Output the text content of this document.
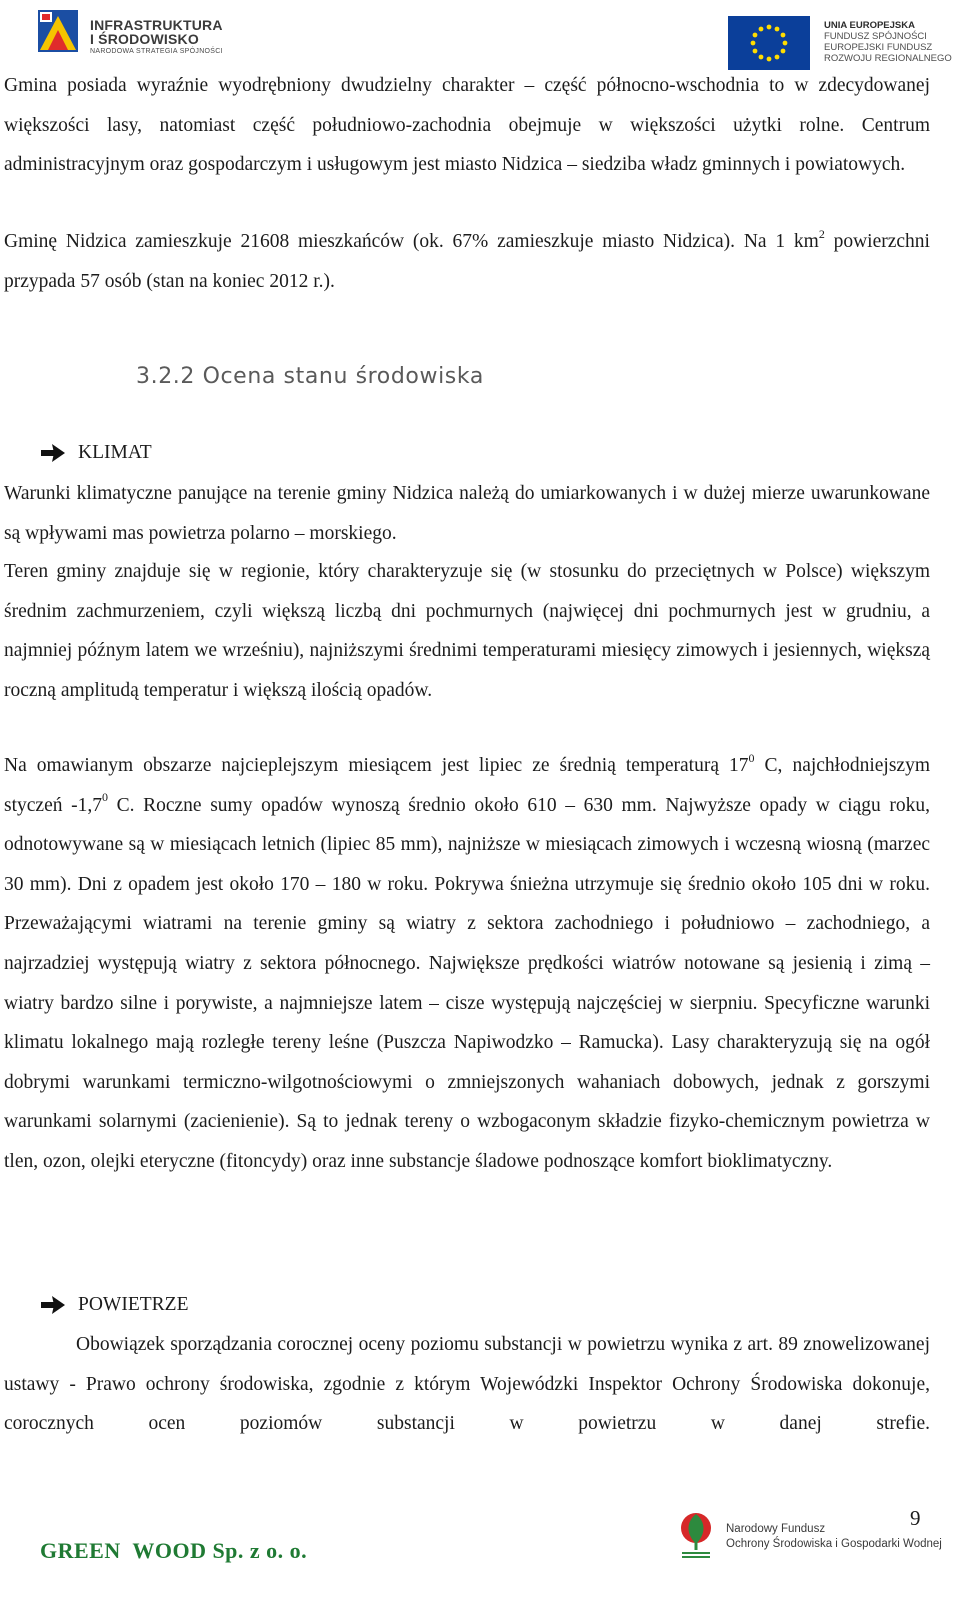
INFRASTRUKTURA
I ŚRODOWISKO
NARODOWA STRATEGIA SPÓJNOŚCI
UNIA EUROPEJSKA
FUNDUSZ SPÓJNOŚCI
EUROPEJSKI FUNDUSZ
ROZWOJU REGIONALNEGO

Gmina posiada wyraźnie wyodrębniony dwudzielny charakter – część północno-wschodnia to w zdecydowanej większości lasy, natomiast część południowo-zachodnia obejmuje w większości użytki rolne. Centrum administracyjnym oraz gospodarczym i usługowym jest miasto Nidzica – siedziba władz gminnych i powiatowych.

Gminę Nidzica zamieszkuje 21608 mieszkańców (ok. 67% zamieszkuje miasto Nidzica). Na 1 $km^2$ powierzchni przypada 57 osób (stan na koniec 2012 r.).

3.2.2 Ocena stanu środowiska
KLIMAT

Warunki klimatyczne panujące na terenie gminy Nidzica należą do umiarkowanych i w dużej mierze uwarunkowane są wpływami mas powietrza polarno – morskiego.

Teren gminy znajduje się w regionie, który charakteryzuje się (w stosunku do przeciętnych w Polsce) większym średnim zachmurzeniem, czyli większą liczbą dni pochmurnych (najwięcej dni pochmurnych jest w grudniu, a najmniej późnym latem we wrześniu), najniższymi średnimi temperaturami miesięcy zimowych i jesiennych, większą roczną amplitudą temperatur i większą ilością opadów.

Na omawianym obszarze najcieplejszym miesiącem jest lipiec ze średnią temperaturą $17^0$ C, najchłodniejszym styczeń $-1,7^0$ C. Roczne sumy opadów wynoszą średnio około 610 – 630 mm. Najwyższe opady w ciągu roku, odnotowywane są w miesiącach letnich (lipiec 85 mm), najniższe w miesiącach zimowych i wczesną wiosną (marzec 30 mm). Dni z opadem jest około 170 – 180 w roku. Pokrywa śnieżna utrzymuje się średnio około 105 dni w roku. Przeważającymi wiatrami na terenie gminy są wiatry z sektora zachodniego i południowo – zachodniego, a najrzadziej występują wiatry z sektora północnego. Największe prędkości wiatrów notowane są jesienią i zimą – wiatry bardzo silne i porywiste, a najmniejsze latem – cisze występują najczęściej w sierpniu. Specyficzne warunki klimatu lokalnego mają rozległe tereny leśne (Puszcza Napiwodzko – Ramucka). Lasy charakteryzują się na ogół dobrymi warunkami termiczno-wilgotnościowymi o zmniejszonych wahaniach dobowych, jednak z gorszymi warunkami solarnymi (zacienienie). Są to jednak tereny o wzbogaconym składzie fizyko-chemicznym powietrza w tlen, ozon, olejki eteryczne (fitoncydy) oraz inne substancje śladowe podnoszące komfort bioklimatyczny.

POWIETRZE

Obowiązek sporządzania corocznej oceny poziomu substancji w powietrzu wynika z art. 89 znowelizowanej ustawy - Prawo ochrony środowiska, zgodnie z którym Wojewódzki Inspektor Ochrony Środowiska dokonuje, corocznych ocen poziomów substancji w powietrzu w danej strefie.

9
Narodowy Fundusz
Ochrony Środowiska i Gospodarki Wodnej
GREEN  WOOD Sp. z o. o.
